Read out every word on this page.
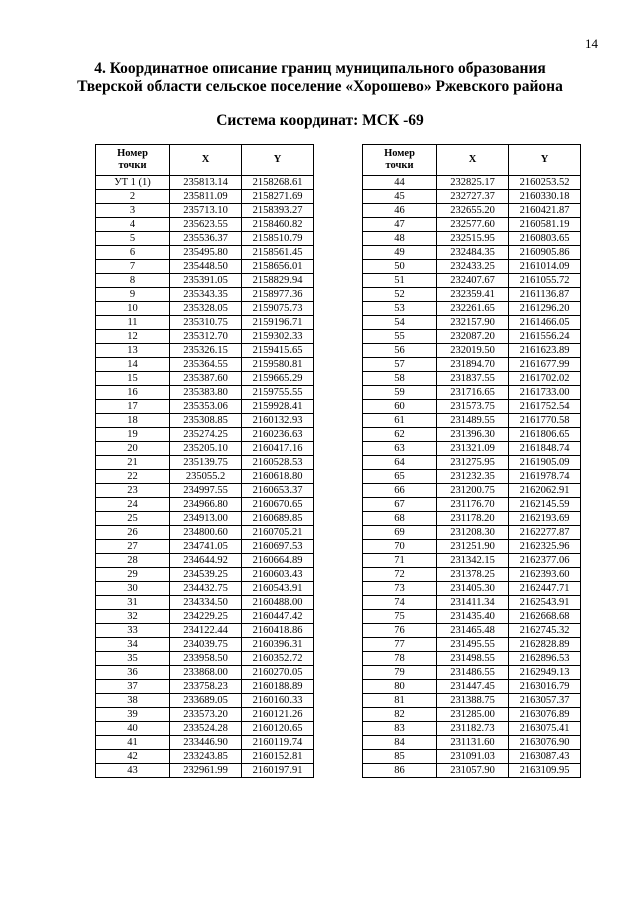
14
4. Координатное описание границ муниципального образования
Тверской области сельское поселение «Хорошево» Ржевского района
Система координат: МСК -69
Номер
точки	X	Y
УТ 1 (1)	235813.14	2158268.61
2	235811.09	2158271.69
3	235713.10	2158393.27
4	235623.55	2158460.82
5	235536.37	2158510.79
6	235495.80	2158561.45
7	235448.50	2158656.01
8	235391.05	2158829.94
9	235343.35	2158977.36
10	235328.05	2159075.73
11	235310.75	2159196.71
12	235312.70	2159302.33
13	235326.15	2159415.65
14	235364.55	2159580.81
15	235387.60	2159665.29
16	235383.80	2159755.55
17	235353.06	2159928.41
18	235308.85	2160132.93
19	235274.25	2160236.63
20	235205.10	2160417.16
21	235139.75	2160528.53
22	235055.2	2160618.80
23	234997.55	2160653.37
24	234966.80	2160670.65
25	234913.00	2160689.85
26	234800.60	2160705.21
27	234741.05	2160697.53
28	234644.92	2160664.89
29	234539.25	2160603.43
30	234432.75	2160543.91
31	234334.50	2160488.00
32	234229.25	2160447.42
33	234122.44	2160418.86
34	234039.75	2160396.31
35	233958.50	2160352.72
36	233868.00	2160270.05
37	233758.23	2160188.89
38	233689.05	2160160.33
39	233573.20	2160121.26
40	233524.28	2160120.65
41	233446.90	2160119.74
42	233243.85	2160152.81
43	232961.99	2160197.91
Номер
точки	X	Y
44	232825.17	2160253.52
45	232727.37	2160330.18
46	232655.20	2160421.87
47	232577.60	2160581.19
48	232515.95	2160803.65
49	232484.35	2160905.86
50	232433.25	2161014.09
51	232407.67	2161055.72
52	232359.41	2161136.87
53	232261.65	2161296.20
54	232157.90	2161466.05
55	232087.20	2161556.24
56	232019.50	2161623.89
57	231894.70	2161677.99
58	231837.55	2161702.02
59	231716.65	2161733.00
60	231573.75	2161752.54
61	231489.55	2161770.58
62	231396.30	2161806.65
63	231321.09	2161848.74
64	231275.95	2161905.09
65	231232.35	2161978.74
66	231200.75	2162062.91
67	231176.70	2162145.59
68	231178.20	2162193.69
69	231208.30	2162277.87
70	231251.90	2162325.96
71	231342.15	2162377.06
72	231378.25	2162393.60
73	231405.30	2162447.71
74	231411.34	2162543.91
75	231435.40	2162668.68
76	231465.48	2162745.32
77	231495.55	2162828.89
78	231498.55	2162896.53
79	231486.55	2162949.13
80	231447.45	2163016.79
81	231388.75	2163057.37
82	231285.00	2163076.89
83	231182.73	2163075.41
84	231131.60	2163076.90
85	231091.03	2163087.43
86	231057.90	2163109.95
